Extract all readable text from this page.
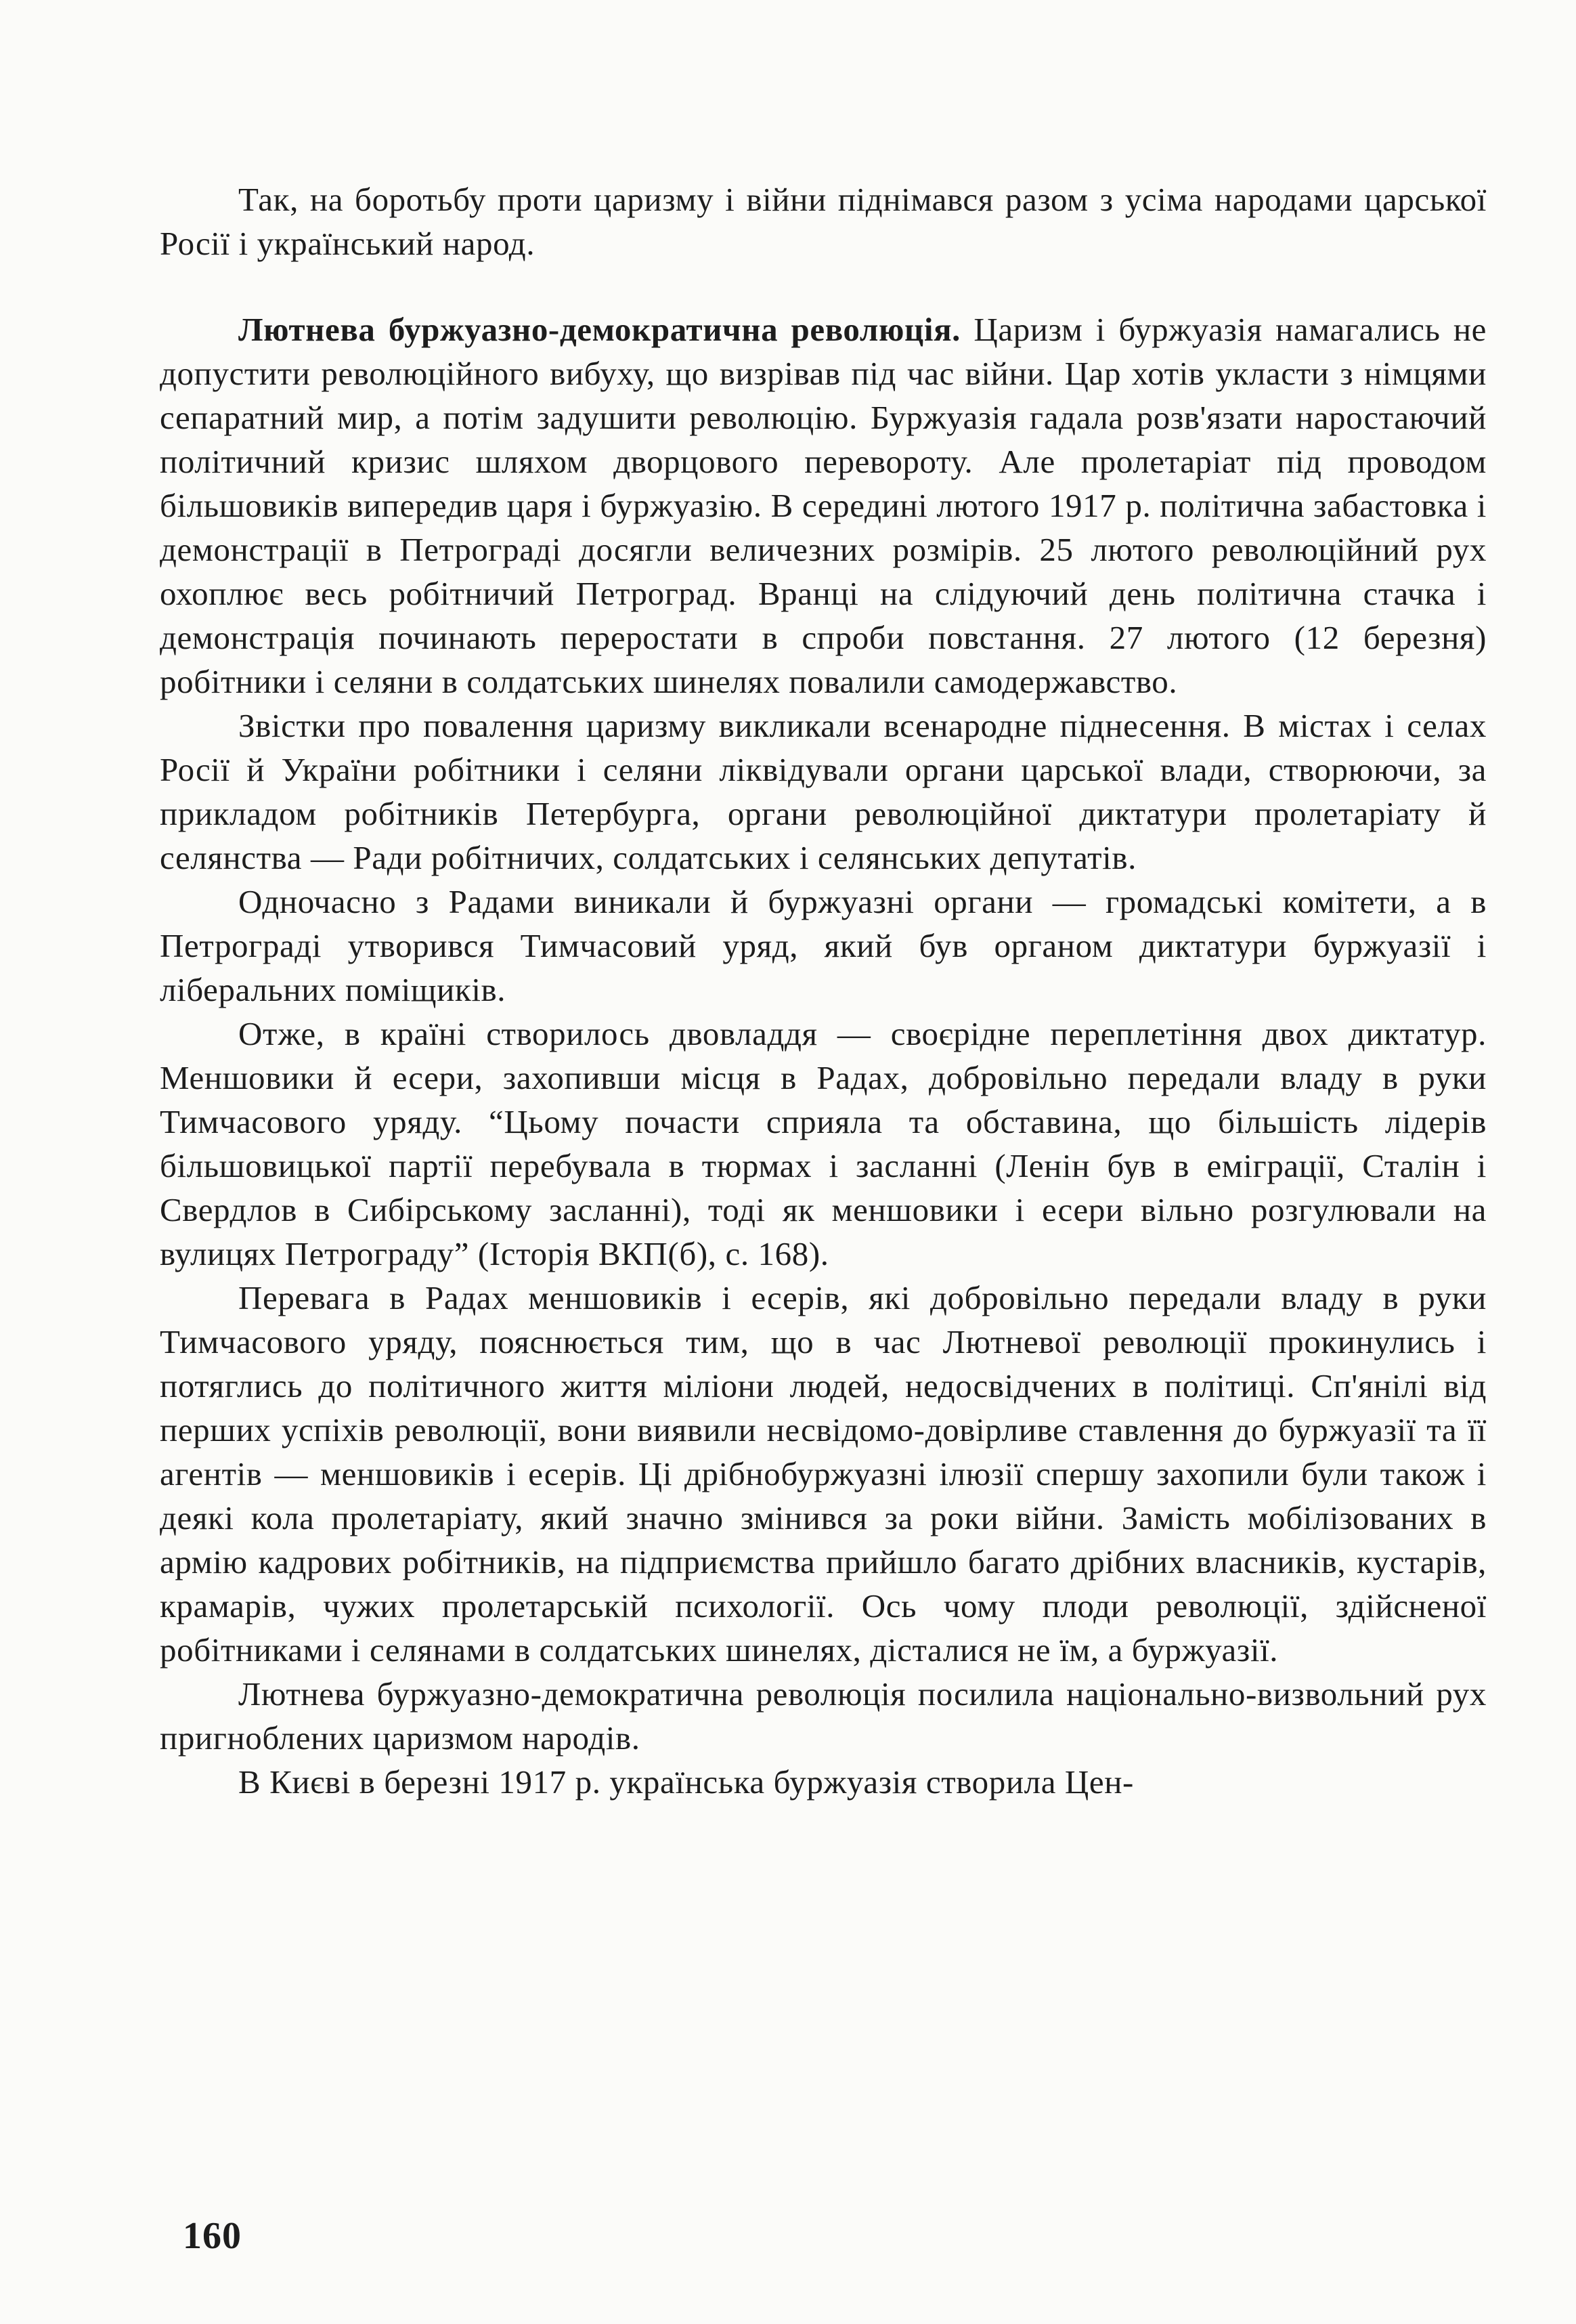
Так, на боротьбу проти царизму і війни піднімався разом з усіма народами царської Росії і український народ.

Лютнева буржуазно-демократична революція. Царизм і буржуазія намагались не допустити революційного вибуху, що визрівав під час війни. Цар хотів укласти з німцями сепаратний мир, а потім задушити революцію. Буржуазія гадала розв'язати наростаючий політичний кризис шляхом дворцового перевороту. Але пролетаріат під проводом більшовиків випередив царя і буржуазію. В середині лютого 1917 р. політична забастовка і демонстрації в Петрограді досягли величезних розмірів. 25 лютого революційний рух охоплює весь робітничий Петроград. Вранці на слідуючий день політична стачка і демонстрація починають переростати в спроби повстання. 27 лютого (12 березня) робітники і селяни в солдатських шинелях повалили самодержавство.

Звістки про повалення царизму викликали всенародне піднесення. В містах і селах Росії й України робітники і селяни ліквідували органи царської влади, створюючи, за прикладом робітників Петербурга, органи революційної диктатури пролетаріату й селянства — Ради робітничих, солдатських і селянських депутатів.

Одночасно з Радами виникали й буржуазні органи — громадські комітети, а в Петрограді утворився Тимчасовий уряд, який був органом диктатури буржуазії і ліберальних поміщиків.

Отже, в країні створилось двовладдя — своєрідне переплетіння двох диктатур. Меншовики й есери, захопивши місця в Радах, добровільно передали владу в руки Тимчасового уряду. “Цьому почасти сприяла та обставина, що більшість лідерів більшовицької партії перебувала в тюрмах і засланні (Ленін був в еміграції, Сталін і Свердлов в Сибірському засланні), тоді як меншовики і есери вільно розгулювали на вулицях Петрограду” (Історія ВКП(б), с. 168).

Перевага в Радах меншовиків і есерів, які добровільно передали владу в руки Тимчасового уряду, пояснюється тим, що в час Лютневої революції прокинулись і потяглись до політичного життя міліони людей, недосвідчених в політиці. Сп'янілі від перших успіхів революції, вони виявили несвідомо-довірливе ставлення до буржуазії та її агентів — меншовиків і есерів. Ці дрібнобуржуазні ілюзії спершу захопили були також і деякі кола пролетаріату, який значно змінився за роки війни. Замість мобілізованих в армію кадрових робітників, на підприємства прийшло багато дрібних власників, кустарів, крамарів, чужих пролетарській психології. Ось чому плоди революції, здійсненої робітниками і селянами в солдатських шинелях, дісталися не їм, а буржуазії.

Лютнева буржуазно-демократична революція посилила національно-визвольний рух пригноблених царизмом народів.

В Києві в березні 1917 р. українська буржуазія створила Цен-

160
